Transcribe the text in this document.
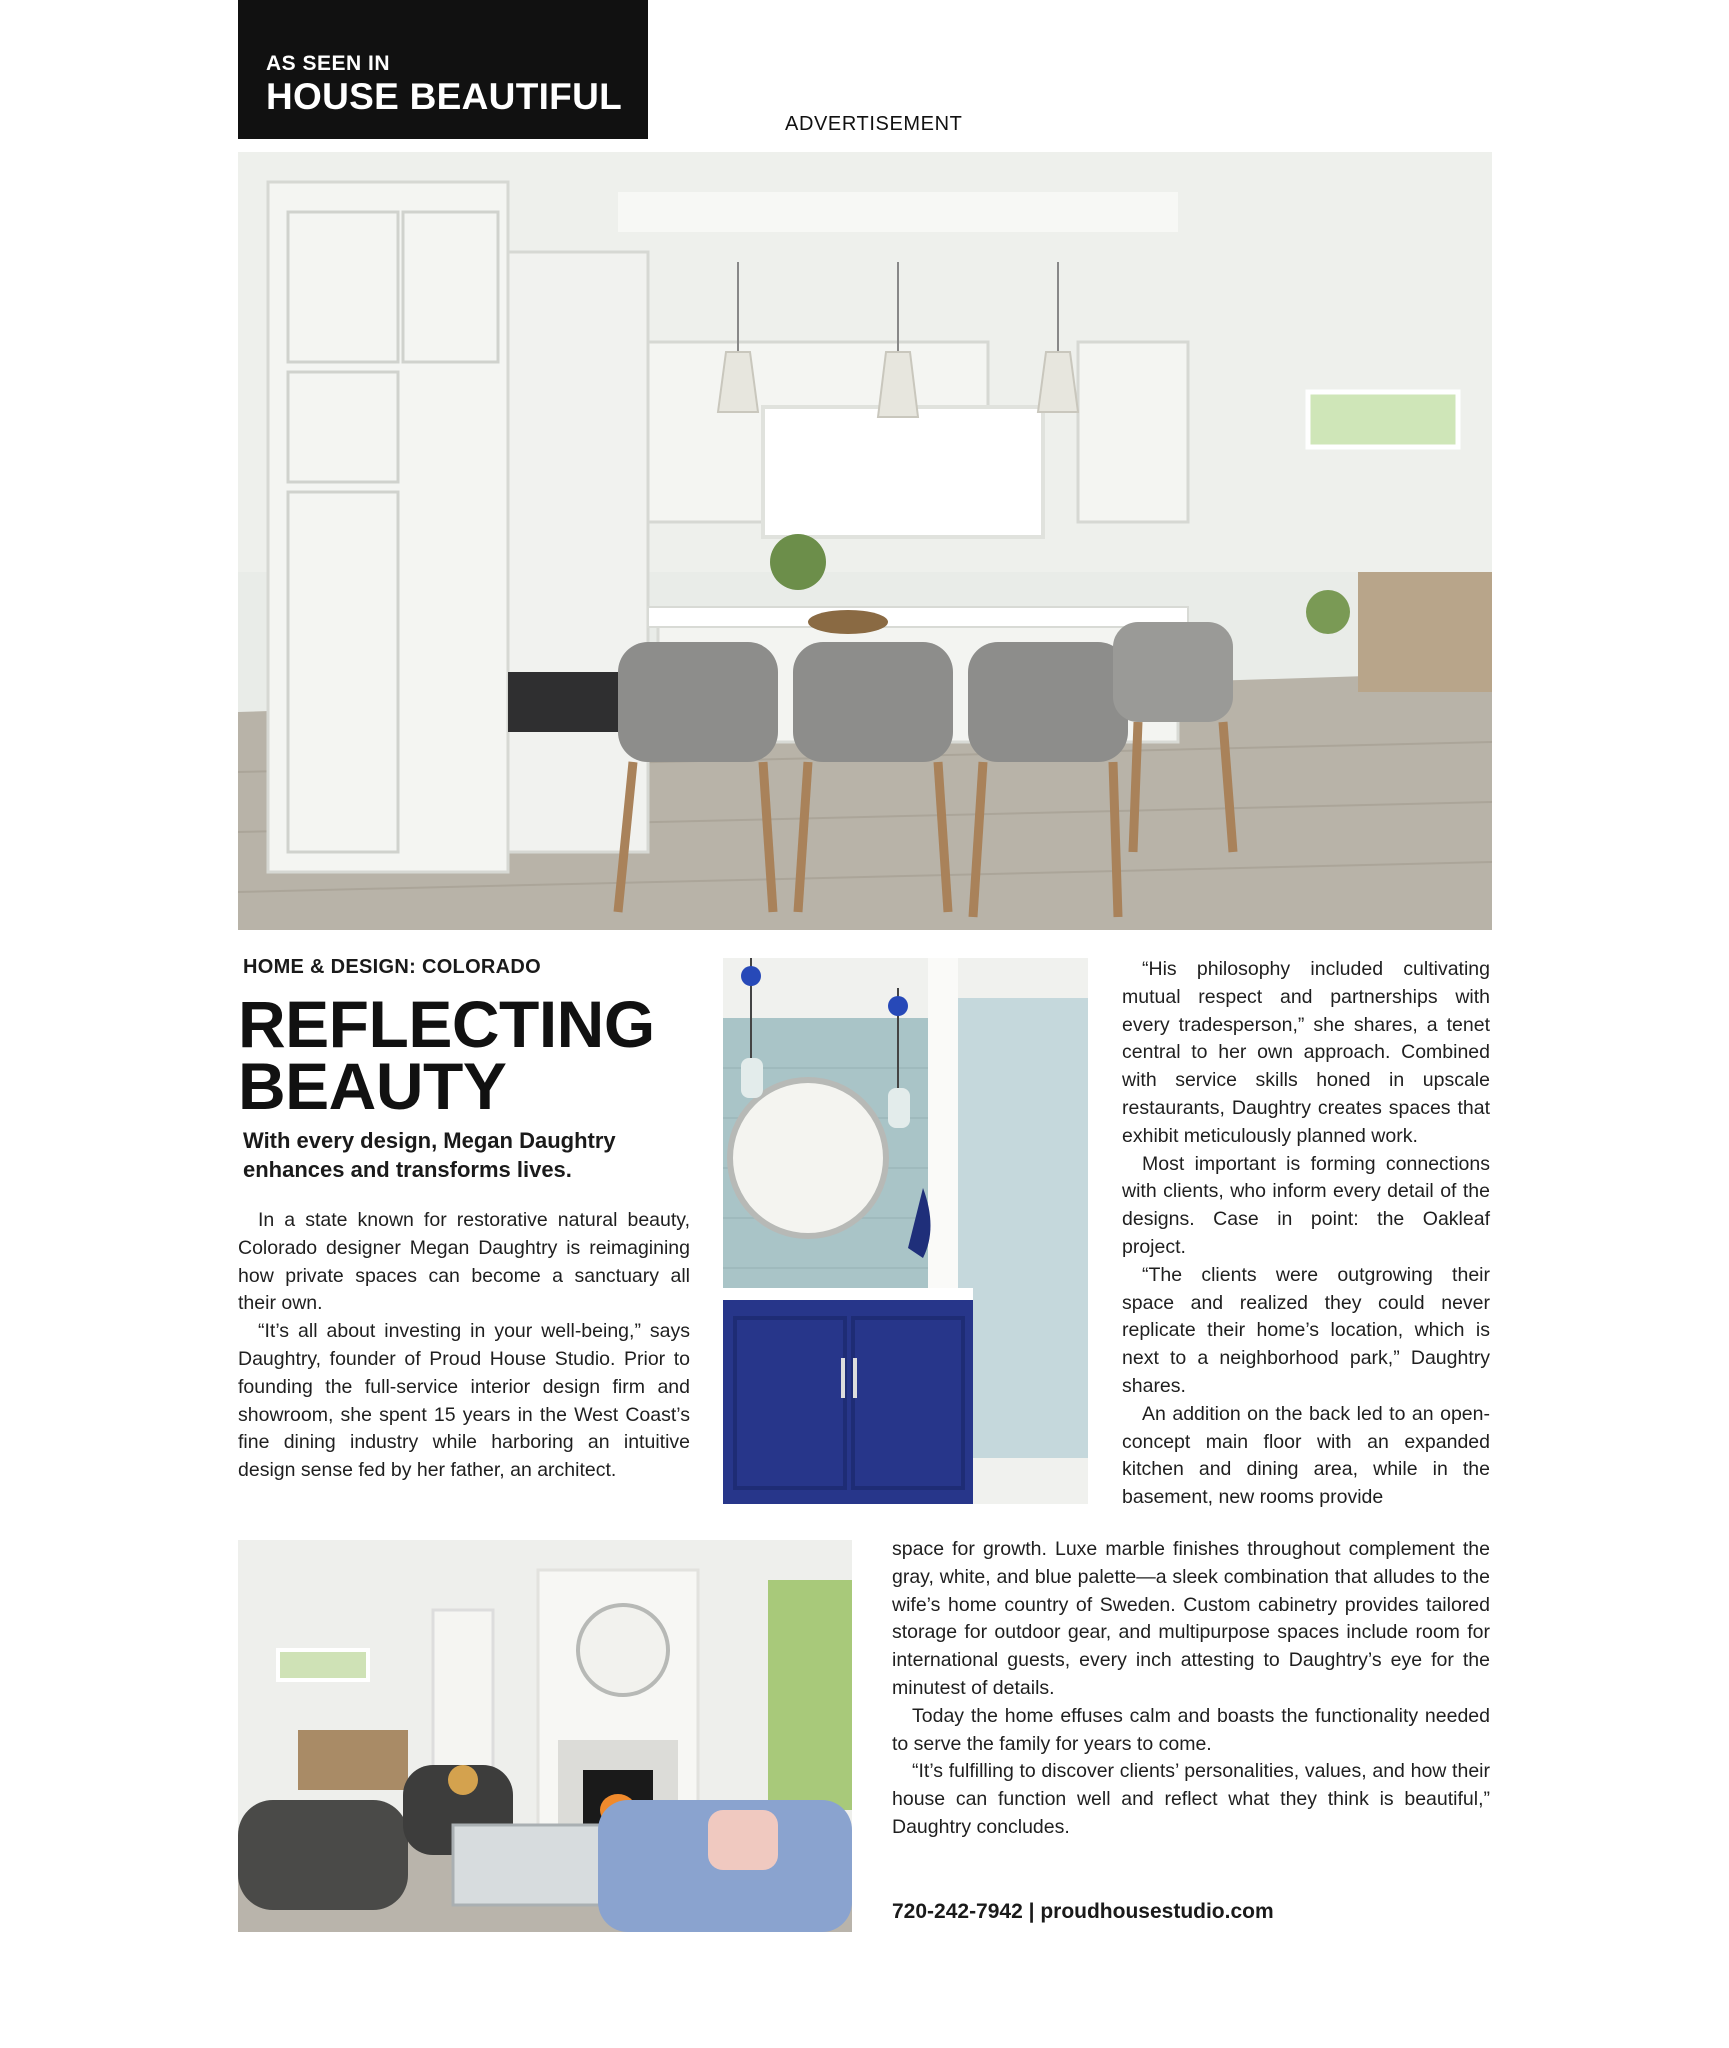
AS SEEN IN
HOUSE BEAUTIFUL
ADVERTISEMENT
HOME & DESIGN: COLORADO
REFLECTING
BEAUTY
With every design, Megan Daughtry enhances and transforms lives.

In a state known for restorative natural beauty, Colorado designer Megan Daughtry is reimagining how private spaces can become a sanctuary all their own.

“It’s all about investing in your well-being,” says Daughtry, founder of Proud House Studio. Prior to founding the full-service interior design firm and showroom, she spent 15 years in the West Coast’s fine dining industry while harboring an intuitive design sense fed by her father, an architect.

“His philosophy included cultivating mutual respect and partnerships with every tradesperson,” she shares, a tenet central to her own approach. Combined with service skills honed in upscale restaurants, Daughtry creates spaces that exhibit meticulously planned work.

Most important is forming connections with clients, who inform every detail of the designs. Case in point: the Oakleaf project.

“The clients were outgrowing their space and realized they could never replicate their home’s location, which is next to a neighborhood park,” Daughtry shares.

An addition on the back led to an open-concept main floor with an expanded kitchen and dining area, while in the basement, new rooms provide

space for growth. Luxe marble finishes throughout complement the gray, white, and blue palette—a sleek combination that alludes to the wife’s home country of Sweden. Custom cabinetry provides tailored storage for outdoor gear, and multipurpose spaces include room for international guests, every inch attesting to Daughtry’s eye for the minutest of details.

Today the home effuses calm and boasts the functionality needed to serve the family for years to come.

“It’s fulfilling to discover clients’ personalities, values, and how their house can function well and reflect what they think is beautiful,” Daughtry concludes.

720-242-7942 | proudhousestudio.com
